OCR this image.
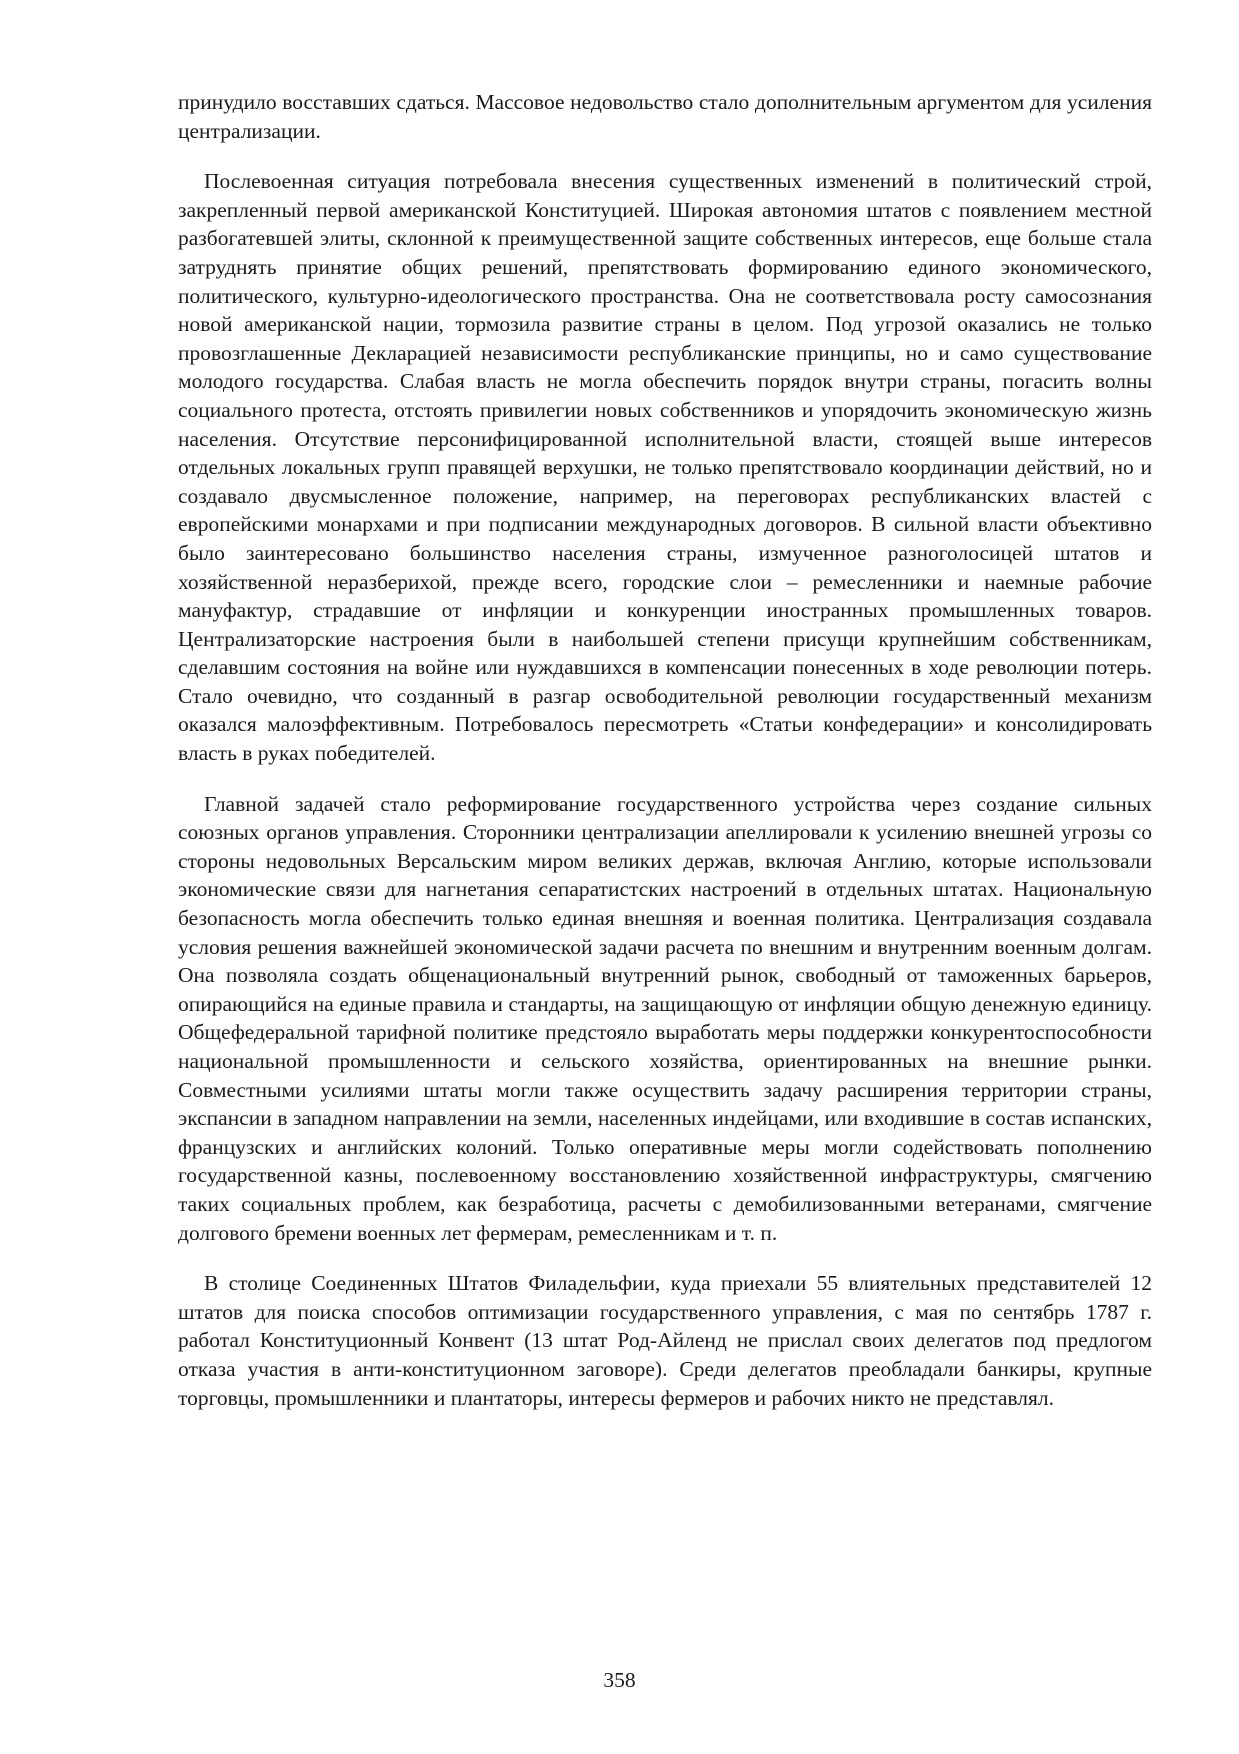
принудило восставших сдаться. Массовое недовольство стало дополнительным аргументом для усиления централизации.

Послевоенная ситуация потребовала внесения существенных изменений в политический строй, закрепленный первой американской Конституцией. Широкая автономия штатов с появлением местной разбогатевшей элиты, склонной к преимущественной защите собственных интересов, еще больше стала затруднять принятие общих решений, препятствовать формированию единого экономического, политического, культурно-идеологического пространства. Она не соответствовала росту самосознания новой американской нации, тормозила развитие страны в целом. Под угрозой оказались не только провозглашенные Декларацией независимости республиканские принципы, но и само существование молодого государства. Слабая власть не могла обеспечить порядок внутри страны, погасить волны социального протеста, отстоять привилегии новых собственников и упорядочить экономическую жизнь населения. Отсутствие персонифицированной исполнительной власти, стоящей выше интересов отдельных локальных групп правящей верхушки, не только препятствовало координации действий, но и создавало двусмысленное положение, например, на переговорах республиканских властей с европейскими монархами и при подписании международных договоров. В сильной власти объективно было заинтересовано большинство населения страны, измученное разноголосицей штатов и хозяйственной неразберихой, прежде всего, городские слои – ремесленники и наемные рабочие мануфактур, страдавшие от инфляции и конкуренции иностранных промышленных товаров. Централизаторские настроения были в наибольшей степени присущи крупнейшим собственникам, сделавшим состояния на войне или нуждавшихся в компенсации понесенных в ходе революции потерь. Стало очевидно, что созданный в разгар освободительной революции государственный механизм оказался малоэффективным. Потребовалось пересмотреть «Статьи конфедерации» и консолидировать власть в руках победителей.

Главной задачей стало реформирование государственного устройства через создание сильных союзных органов управления. Сторонники централизации апеллировали к усилению внешней угрозы со стороны недовольных Версальским миром великих держав, включая Англию, которые использовали экономические связи для нагнетания сепаратистских настроений в отдельных штатах. Национальную безопасность могла обеспечить только единая внешняя и военная политика. Централизация создавала условия решения важнейшей экономической задачи расчета по внешним и внутренним военным долгам. Она позволяла создать общенациональный внутренний рынок, свободный от таможенных барьеров, опирающийся на единые правила и стандарты, на защищающую от инфляции общую денежную единицу. Общефедеральной тарифной политике предстояло выработать меры поддержки конкурентоспособности национальной промышленности и сельского хозяйства, ориентированных на внешние рынки. Совместными усилиями штаты могли также осуществить задачу расширения территории страны, экспансии в западном направлении на земли, населенных индейцами, или входившие в состав испанских, французских и английских колоний. Только оперативные меры могли содействовать пополнению государственной казны, послевоенному восстановлению хозяйственной инфраструктуры, смягчению таких социальных проблем, как безработица, расчеты с демобилизованными ветеранами, смягчение долгового бремени военных лет фермерам, ремесленникам и т. п.

В столице Соединенных Штатов Филадельфии, куда приехали 55 влиятельных представителей 12 штатов для поиска способов оптимизации государственного управления, с мая по сентябрь 1787 г. работал Конституционный Конвент (13 штат Род-Айленд не прислал своих делегатов под предлогом отказа участия в анти-конституционном заговоре). Среди делегатов преобладали банкиры, крупные торговцы, промышленники и плантаторы, интересы фермеров и рабочих никто не представлял.

358
